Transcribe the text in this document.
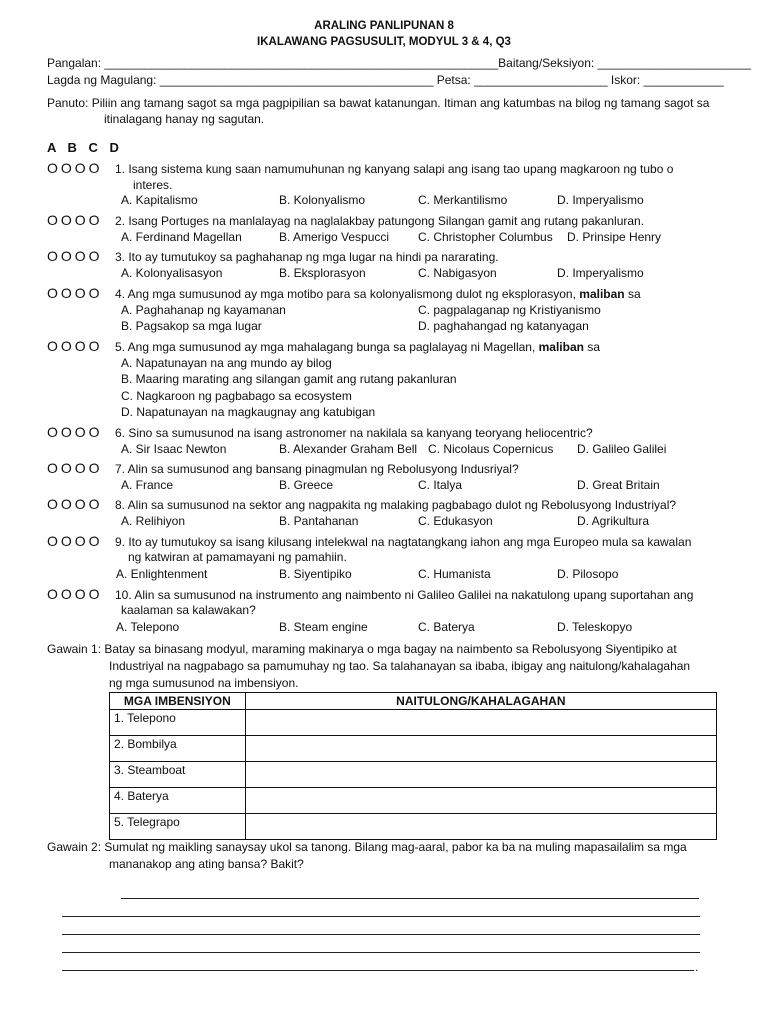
ARALING PANLIPUNAN 8
IKALAWANG PAGSUSULIT, MODYUL 3 & 4, Q3
Pangalan: ___________________________________________________________Baitang/Seksiyon: _______________________
Lagda ng Magulang: _________________________________________ Petsa: ____________________ Iskor: ____________
Panuto: Piliin ang tamang sagot sa mga pagpipilian sa bawat katanungan. Itiman ang katumbas na bilog ng tamang sagot sa
itinalagang hanay ng sagutan.
A B C D
OOOO 1. Isang sistema kung saan namumuhunan ng kanyang salapi ang isang tao upang magkaroon ng tubo o
interes.
A. Kapitalismo	B. Kolonyalismo	C. Merkantilismo	D. Imperyalismo
OOOO 2. Isang Portuges na manlalayag na naglalakbay patungong Silangan gamit ang rutang pakanluran.
A. Ferdinand Magellan	B. Amerigo Vespucci C. Christopher Columbus D. Prinsipe Henry
OOOO 3. Ito ay tumutukoy sa paghahanap ng mga lugar na hindi pa nararating.
A. Kolonyalisasyon	B. Eksplorasyon	C. Nabigasyon	D. Imperyalismo
OOOO 4. Ang mga sumusunod ay mga motibo para sa kolonyalismong dulot ng eksplorasyon, maliban sa
A. Paghahanap ng kayamanan	C. pagpalaganap ng Kristiyanismo
B. Pagsakop sa mga lugar	D. paghahangad ng katanyagan
OOOO 5. Ang mga sumusunod ay mga mahalagang bunga sa paglalayag ni Magellan, maliban sa
A. Napatunayan na ang mundo ay bilog
B. Maaring marating ang silangan gamit ang rutang pakanluran
C. Nagkaroon ng pagbabago sa ecosystem
D. Napatunayan na magkaugnay ang katubigan
OOOO 6. Sino sa sumusunod na isang astronomer na nakilala sa kanyang teoryang heliocentric?
A. Sir Isaac Newton	B. Alexander Graham Bell C. Nicolaus Copernicus D. Galileo Galilei
OOOO 7. Alin sa sumusunod ang bansang pinagmulan ng Rebolusyong Indusriyal?
A. France	B. Greece	C. Italya	D. Great Britain
OOOO 8. Alin sa sumusunod na sektor ang nagpakita ng malaking pagbabago dulot ng Rebolusyong Industriyal?
A. Relihiyon	B. Pantahanan	C. Edukasyon	D. Agrikultura
OOOO 9. Ito ay tumutukoy sa isang kilusang intelekwal na nagtatangkang iahon ang mga Europeo mula sa kawalan
ng katwiran at pamamayani ng pamahiin.
A. Enlightenment	B. Siyentipiko	C. Humanista	D. Pilosopo
OOOO 10. Alin sa sumusunod na instrumento ang naimbento ni Galileo Galilei na nakatulong upang suportahan ang
kaalaman sa kalawakan?
A. Telepono	B. Steam engine	C. Baterya	D. Teleskopyo
Gawain 1: Batay sa binasang modyul, maraming makinarya o mga bagay na naimbento sa Rebolusyong Siyentipiko at
Industriyal na nagpabago sa pamumuhay ng tao. Sa talahanayan sa ibaba, ibigay ang naitulong/kahalagahan
ng mga sumusunod na imbensiyon.
MGA IMBENSIYON	NAITULONG/KAHALAGAHAN
1. Telepono	
2. Bombilya	
3. Steamboat	
4. Baterya	
5. Telegrapo	
Gawain 2: Sumulat ng maikling sanaysay ukol sa tanong. Bilang mag-aaral, pabor ka ba na muling mapasailalim sa mga
mananakop ang ating bansa? Bakit?
.
